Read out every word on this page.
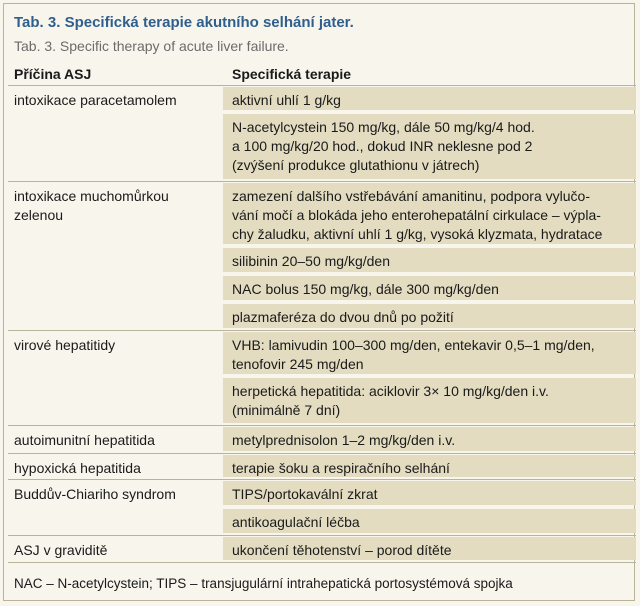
Tab. 3. Specifická terapie akutního selhání jater.
Tab. 3. Specific therapy of acute liver failure.
Příčina ASJ	Specifická terapie
aktivní uhlí 1 g/kg
N-acetylcystein 150 mg/kg, dále 50 mg/kg/4 hod.
a 100 mg/kg/20 hod., dokud INR neklesne pod 2
(zvýšení produkce glutathionu v játrech)
intoxikace paracetamolem
zamezení dalšího vstřebávání amanitinu, podpora vylučo-
vání močí a blokáda jeho enterohepatální cirkulace – výpla-
chy žaludku, aktivní uhlí 1 g/kg, vysoká klyzmata, hydratace
silibinin 20–50 mg/kg/den
NAC bolus 150 mg/kg, dále 300 mg/kg/den
plazmaferéza do dvou dnů po požití
intoxikace muchomůrkou
zelenou
VHB: lamivudin 100–300 mg/den, entekavir 0,5–1 mg/den,
tenofovir 245 mg/den
herpetická hepatitida: aciklovir 3× 10 mg/kg/den i.v.
(minimálně 7 dní)
virové hepatitidy
metylprednisolon 1–2 mg/kg/den i.v.
autoimunitní hepatitida
terapie šoku a respiračního selhání
hypoxická hepatitida
TIPS/portokavální zkrat
antikoagulační léčba
Buddův-Chiariho syndrom
ukončení těhotenství – porod dítěte
ASJ v graviditě
NAC – N-acetylcystein; TIPS – transjugulární intrahepatická portosystémová spojka
